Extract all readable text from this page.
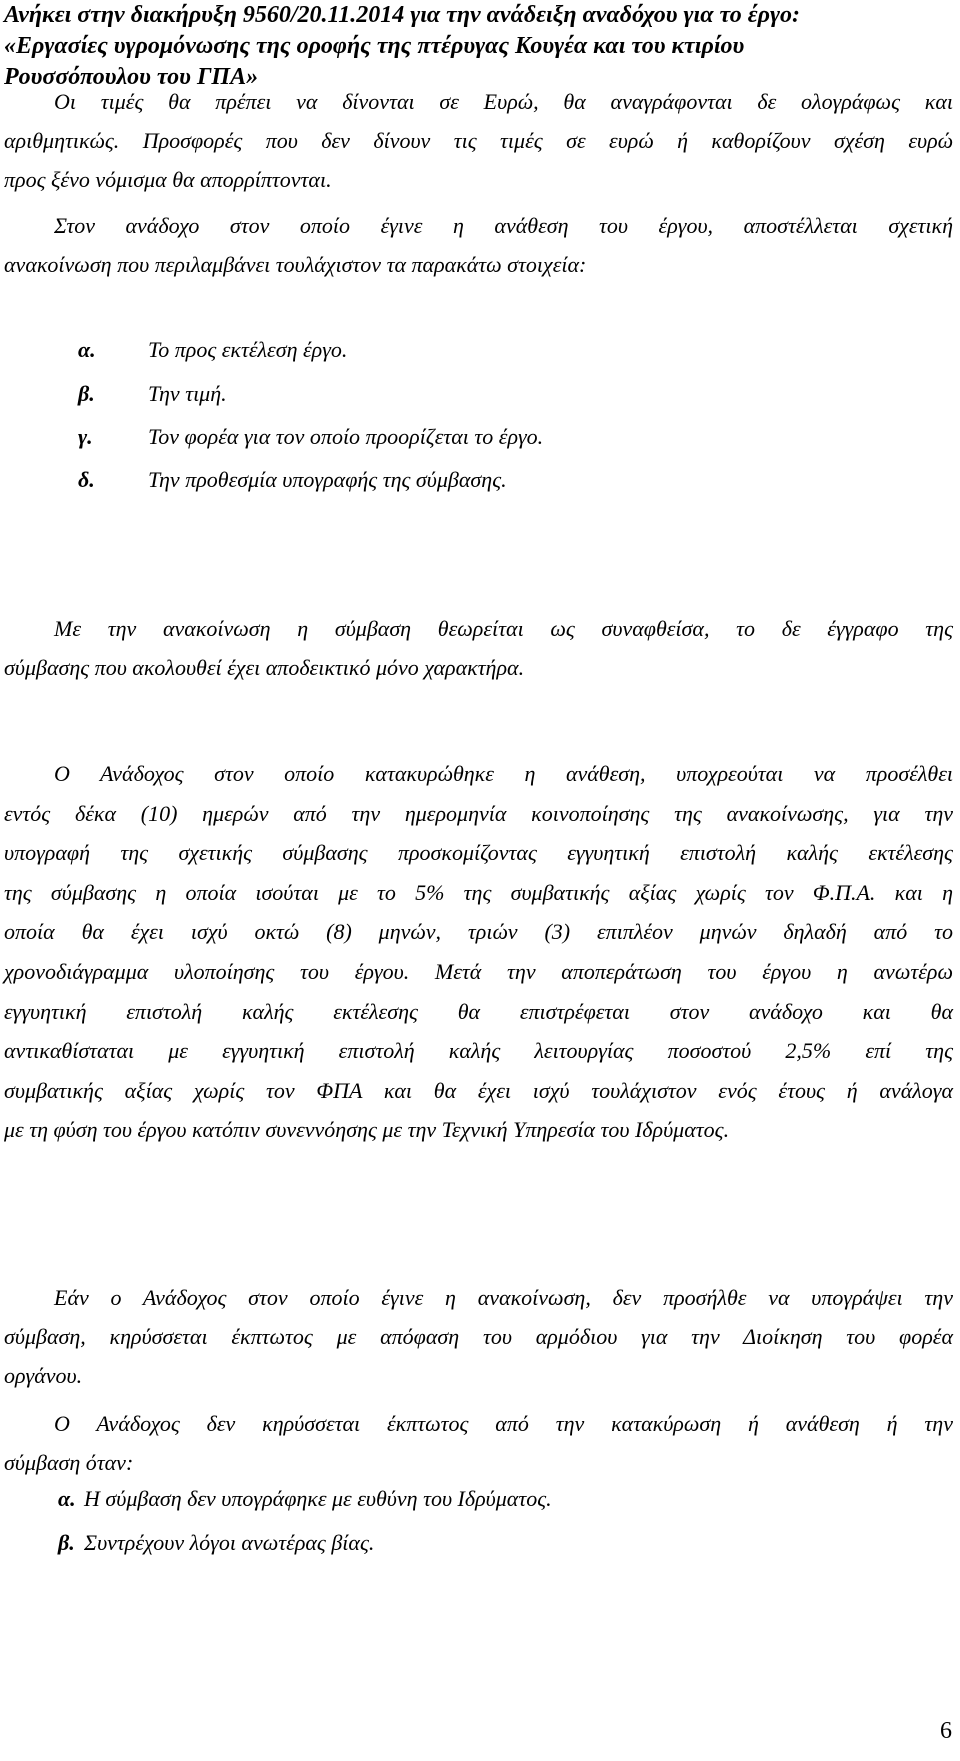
Ανήκει στην διακήρυξη 9560/20.11.2014 για την ανάδειξη αναδόχου για το έργο:
«Εργασίες υγρομόνωσης της οροφής της πτέρυγας Κουγέα και του κτιρίου
Ρουσσόπουλου του ΓΠΑ»
Οι τιμές θα πρέπει να δίνονται σε Ευρώ, θα αναγράφονται δε ολογράφως και
αριθμητικώς. Προσφορές που δεν δίνουν τις τιμές σε ευρώ ή καθορίζουν σχέση ευρώ
προς ξένο νόμισμα θα απορρίπτονται.
Στον ανάδοχο στον οποίο έγινε η ανάθεση του έργου, αποστέλλεται σχετική
ανακοίνωση που περιλαμβάνει τουλάχιστον τα παρακάτω στοιχεία:
α. Το προς εκτέλεση έργο.
β. Την τιμή.
γ.	Τον φορέα για τον οποίο προορίζεται το έργο.
δ. Την προθεσμία υπογραφής της σύμβασης.
Με την ανακοίνωση η σύμβαση θεωρείται ως συναφθείσα, το δε έγγραφο της
σύμβασης που ακολουθεί έχει αποδεικτικό μόνο χαρακτήρα.
Ο Ανάδοχος στον οποίο κατακυρώθηκε η ανάθεση, υποχρεούται να προσέλθει
εντός δέκα (10) ημερών από την ημερομηνία κοινοποίησης της ανακοίνωσης, για την
υπογραφή της σχετικής σύμβασης προσκομίζοντας εγγυητική επιστολή καλής εκτέλεσης
της σύμβασης η οποία ισούται με το 5% της συμβατικής αξίας χωρίς τον Φ.Π.Α. και η
οποία θα έχει ισχύ οκτώ (8) μηνών, τριών (3) επιπλέον μηνών δηλαδή από το
χρονοδιάγραμμα υλοποίησης του έργου. Μετά την αποπεράτωση του έργου η ανωτέρω
εγγυητική επιστολή καλής εκτέλεσης θα επιστρέφεται στον ανάδοχο και θα
αντικαθίσταται με εγγυητική επιστολή καλής λειτουργίας ποσοστού 2,5% επί της
συμβατικής αξίας χωρίς τον ΦΠΑ και θα έχει ισχύ τουλάχιστον ενός έτους ή ανάλογα
με τη φύση του έργου κατόπιν συνεννόησης με την Τεχνική Υπηρεσία του Ιδρύματος.
Εάν ο Ανάδοχος στον οποίο έγινε η ανακοίνωση, δεν προσήλθε να υπογράψει την
σύμβαση, κηρύσσεται έκπτωτος με απόφαση του αρμόδιου για την Διοίκηση του φορέα
οργάνου.
Ο Ανάδοχος δεν κηρύσσεται έκπτωτος από την κατακύρωση ή ανάθεση ή την
σύμβαση όταν:
α. Η σύμβαση δεν υπογράφηκε με ευθύνη του Ιδρύματος.
β. Συντρέχουν λόγοι ανωτέρας βίας.
6
